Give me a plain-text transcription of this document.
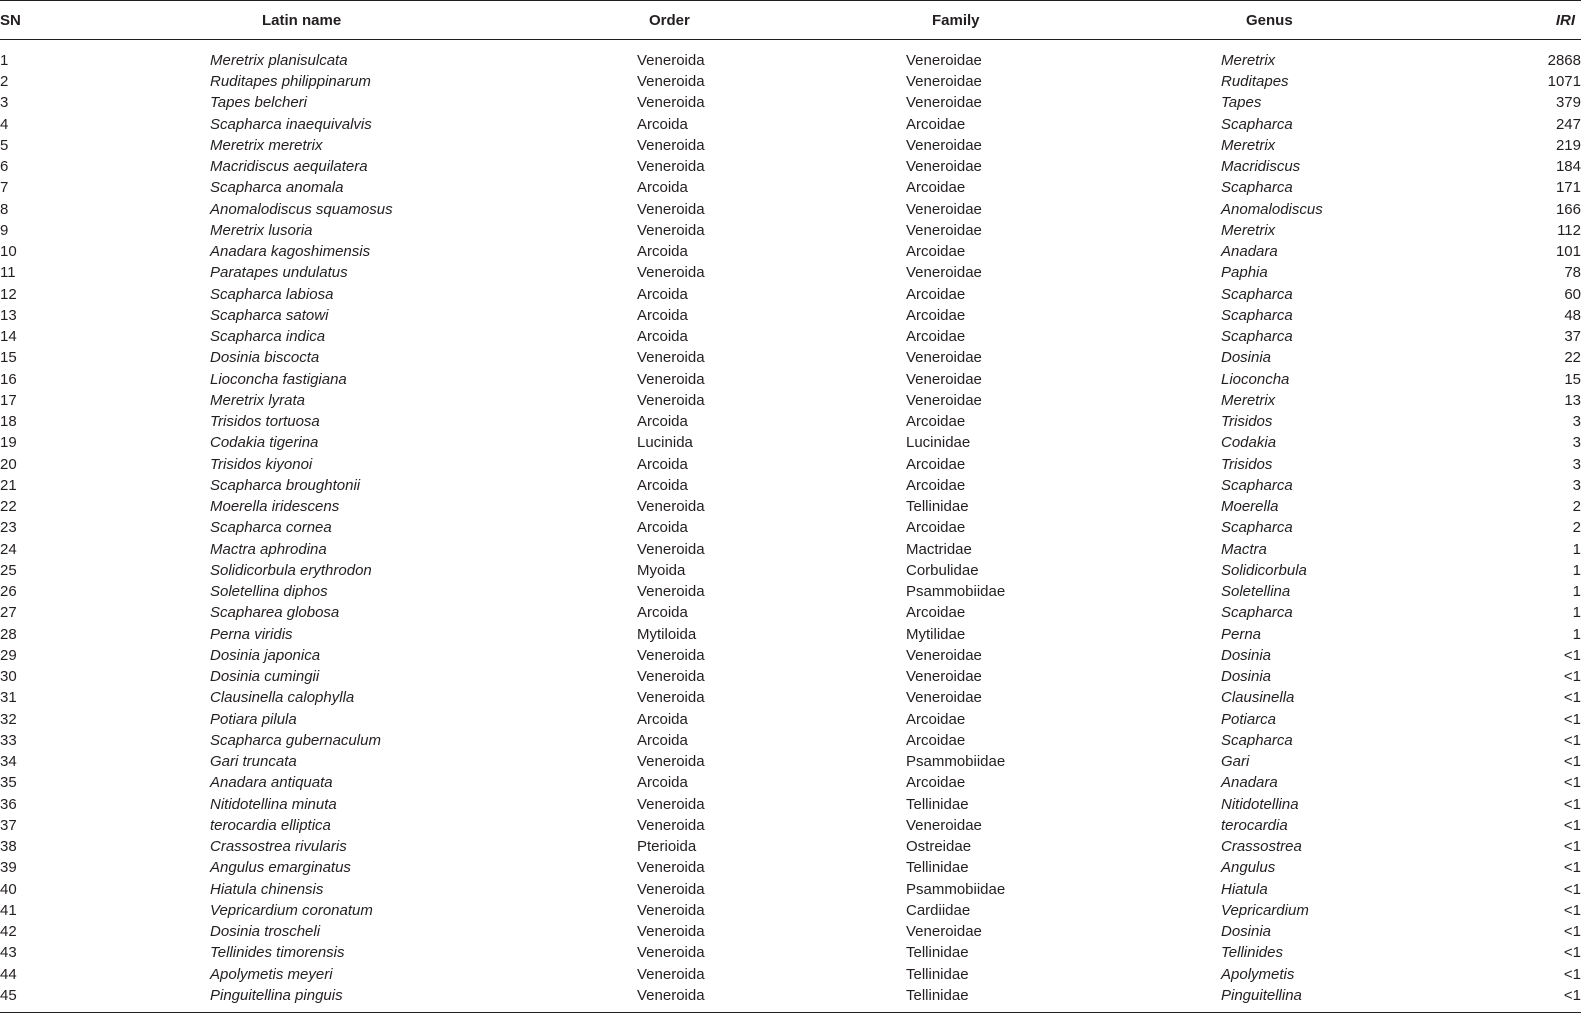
SN	Latin name	Order	Family	Genus	IRI
1	Meretrix planisulcata	Veneroida	Veneroidae	Meretrix	2868
2	Ruditapes philippinarum	Veneroida	Veneroidae	Ruditapes	1071
3	Tapes belcheri	Veneroida	Veneroidae	Tapes	379
4	Scapharca inaequivalvis	Arcoida	Arcoidae	Scapharca	247
5	Meretrix meretrix	Veneroida	Veneroidae	Meretrix	219
6	Macridiscus aequilatera	Veneroida	Veneroidae	Macridiscus	184
7	Scapharca anomala	Arcoida	Arcoidae	Scapharca	171
8	Anomalodiscus squamosus	Veneroida	Veneroidae	Anomalodiscus	166
9	Meretrix lusoria	Veneroida	Veneroidae	Meretrix	112
10	Anadara kagoshimensis	Arcoida	Arcoidae	Anadara	101
11	Paratapes undulatus	Veneroida	Veneroidae	Paphia	78
12	Scapharca labiosa	Arcoida	Arcoidae	Scapharca	60
13	Scapharca satowi	Arcoida	Arcoidae	Scapharca	48
14	Scapharca indica	Arcoida	Arcoidae	Scapharca	37
15	Dosinia biscocta	Veneroida	Veneroidae	Dosinia	22
16	Lioconcha fastigiana	Veneroida	Veneroidae	Lioconcha	15
17	Meretrix lyrata	Veneroida	Veneroidae	Meretrix	13
18	Trisidos tortuosa	Arcoida	Arcoidae	Trisidos	3
19	Codakia tigerina	Lucinida	Lucinidae	Codakia	3
20	Trisidos kiyonoi	Arcoida	Arcoidae	Trisidos	3
21	Scapharca broughtonii	Arcoida	Arcoidae	Scapharca	3
22	Moerella iridescens	Veneroida	Tellinidae	Moerella	2
23	Scapharca cornea	Arcoida	Arcoidae	Scapharca	2
24	Mactra aphrodina	Veneroida	Mactridae	Mactra	1
25	Solidicorbula erythrodon	Myoida	Corbulidae	Solidicorbula	1
26	Soletellina diphos	Veneroida	Psammobiidae	Soletellina	1
27	Scapharea globosa	Arcoida	Arcoidae	Scapharca	1
28	Perna viridis	Mytiloida	Mytilidae	Perna	1
29	Dosinia japonica	Veneroida	Veneroidae	Dosinia	<1
30	Dosinia cumingii	Veneroida	Veneroidae	Dosinia	<1
31	Clausinella calophylla	Veneroida	Veneroidae	Clausinella	<1
32	Potiara pilula	Arcoida	Arcoidae	Potiarca	<1
33	Scapharca gubernaculum	Arcoida	Arcoidae	Scapharca	<1
34	Gari truncata	Veneroida	Psammobiidae	Gari	<1
35	Anadara antiquata	Arcoida	Arcoidae	Anadara	<1
36	Nitidotellina minuta	Veneroida	Tellinidae	Nitidotellina	<1
37	terocardia elliptica	Veneroida	Veneroidae	terocardia	<1
38	Crassostrea rivularis	Pterioida	Ostreidae	Crassostrea	<1
39	Angulus emarginatus	Veneroida	Tellinidae	Angulus	<1
40	Hiatula chinensis	Veneroida	Psammobiidae	Hiatula	<1
41	Vepricardium coronatum	Veneroida	Cardiidae	Vepricardium	<1
42	Dosinia troscheli	Veneroida	Veneroidae	Dosinia	<1
43	Tellinides timorensis	Veneroida	Tellinidae	Tellinides	<1
44	Apolymetis meyeri	Veneroida	Tellinidae	Apolymetis	<1
45	Pinguitellina pinguis	Veneroida	Tellinidae	Pinguitellina	<1
